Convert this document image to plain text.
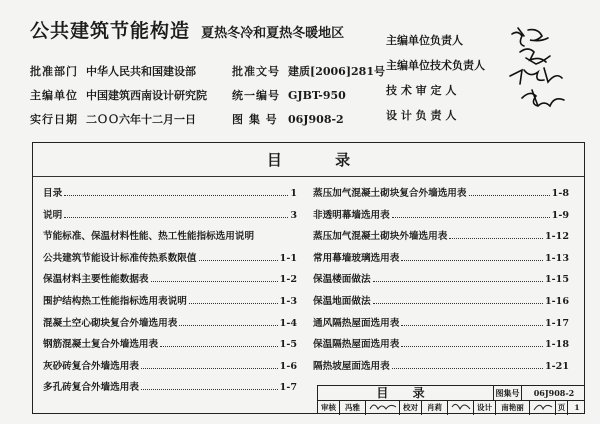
公共建筑节能构造 夏热冬冷和夏热冬暖地区
批准部门 中华人民共和国建设部	批准文号 建质[2006]281号
主编单位 中国建筑西南设计研究院	统一编号 GJBT-950
实行日期 二ＯＯ六年十二月一日	图 集 号 06J908-2
主编单位负责人
主编单位技术负责人
技 术 审 定 人
设 计 负 责 人
目 录
目录	1
说明	3
节能标准、保温材料性能、热工性能指标选用说明
公共建筑节能设计标准传热系数限值	1-1
保温材料主要性能数据表	1-2
围护结构热工性能指标选用表说明	1-3
混凝土空心砌块复合外墙选用表	1-4
钢筋混凝土复合外墙选用表	1-5
灰砂砖复合外墙选用表	1-6
多孔砖复合外墙选用表	1-7
蒸压加气混凝土砌块复合外墙选用表	1-8
非透明幕墙选用表	1-9
蒸压加气混凝土砌块外墙选用表	1-12
常用幕墙玻璃选用表	1-13
保温楼面做法	1-15
保温地面做法	1-16
通风隔热屋面选用表	1-17
保温隔热屋面选用表	1-18
隔热坡屋面选用表	1-21
目 录	图集号	06J908-2
审核	冯雅	校对	肖莉	设计	南艳丽	页	1
